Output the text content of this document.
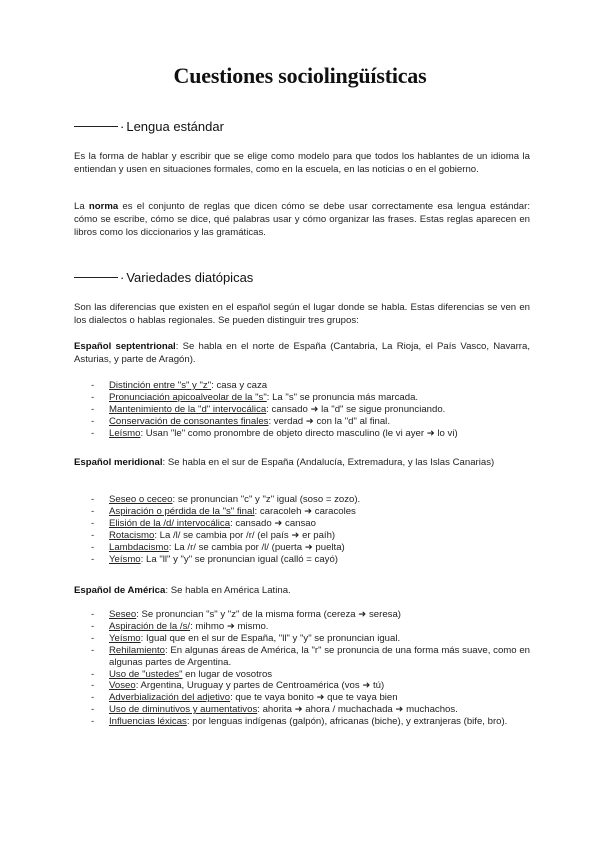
Cuestiones sociolingüísticas
· Lengua estándar
Es la forma de hablar y escribir que se elige como modelo para que todos los hablantes de un idioma la entiendan y usen en situaciones formales, como en la escuela, en las noticias o en el gobierno.
La norma es el conjunto de reglas que dicen cómo se debe usar correctamente esa lengua estándar: cómo se escribe, cómo se dice, qué palabras usar y cómo organizar las frases. Estas reglas aparecen en libros como los diccionarios y las gramáticas.
· Variedades diatópicas
Son las diferencias que existen en el español según el lugar donde se habla. Estas diferencias se ven en los dialectos o hablas regionales. Se pueden distinguir tres grupos:
Español septentrional: Se habla en el norte de España (Cantabria, La Rioja, el País Vasco, Navarra, Asturias, y parte de Aragón).
- Distinción entre "s" y "z": casa y caza
- Pronunciación apicoalveolar de la "s": La "s" se pronuncia más marcada.
- Mantenimiento de la "d" intervocálica: cansado ➜ la "d" se sigue pronunciando.
- Conservación de consonantes finales: verdad ➜ con la "d" al final.
- Leísmo: Usan "le" como pronombre de objeto directo masculino (le vi ayer ➜ lo vi)
Español meridional: Se habla en el sur de España (Andalucía, Extremadura, y las Islas Canarias)
- Seseo o ceceo: se pronuncian "c" y "z" igual (soso = zozo).
- Aspiración o pérdida de la "s" final: caracoleh ➜ caracoles
- Elisión de la /d/ intervocálica: cansado ➜ cansao
- Rotacismo: La /l/ se cambia por /r/ (el país ➜ er paíh)
- Lambdacismo: La /r/ se cambia por /l/ (puerta ➜ puelta)
- Yeísmo: La "ll" y "y" se pronuncian igual (calló = cayó)
Español de América: Se habla en América Latina.
- Seseo: Se pronuncian "s" y "z" de la misma forma (cereza ➜ seresa)
- Aspiración de la /s/: mihmo ➜ mismo.
- Yeísmo: Igual que en el sur de España, "ll" y "y" se pronuncian igual.
- Rehilamiento: En algunas áreas de América, la "r" se pronuncia de una forma más suave, como en algunas partes de Argentina.
- Uso de "ustedes" en lugar de vosotros
- Voseo: Argentina, Uruguay y partes de Centroamérica (vos ➜ tú)
- Adverbialización del adjetivo: que te vaya bonito ➜ que te vaya bien
- Uso de diminutivos y aumentativos: ahorita ➜ ahora / muchachada ➜ muchachos.
- Influencias léxicas: por lenguas indígenas (galpón), africanas (biche), y extranjeras (bife, bro).
